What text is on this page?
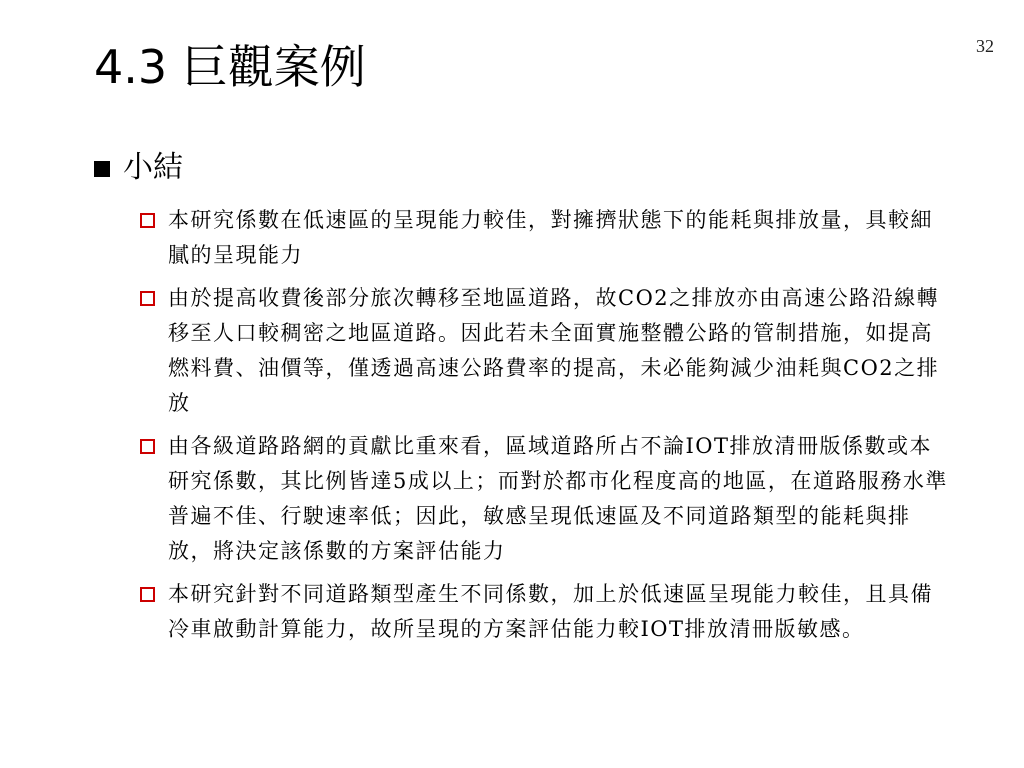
32
4.3 巨觀案例
小結
本研究係數在低速區的呈現能力較佳，對擁擠狀態下的能耗與排放量，具較細膩的呈現能力
由於提高收費後部分旅次轉移至地區道路，故CO2之排放亦由高速公路沿線轉移至人口較稠密之地區道路。因此若未全面實施整體公路的管制措施，如提高燃料費、油價等，僅透過高速公路費率的提高，未必能夠減少油耗與CO2之排放
由各級道路路網的貢獻比重來看，區域道路所占不論IOT排放清冊版係數或本研究係數，其比例皆達5成以上；而對於都市化程度高的地區，在道路服務水準普遍不佳、行駛速率低；因此，敏感呈現低速區及不同道路類型的能耗與排放，將決定該係數的方案評估能力
本研究針對不同道路類型產生不同係數，加上於低速區呈現能力較佳，且具備冷車啟動計算能力，故所呈現的方案評估能力較IOT排放清冊版敏感。
